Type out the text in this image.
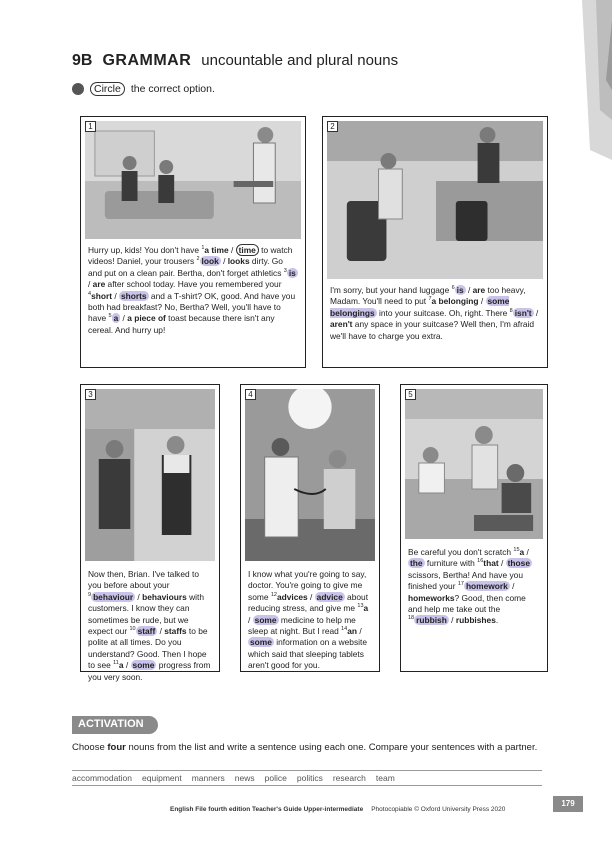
9B GRAMMAR uncountable and plural nouns
Circle the correct option.
1
Hurry up, kids! You don't have $^1$a time / time to watch videos! Daniel, your trousers $^2$ look / looks dirty. Go and put on a clean pair. Bertha, don't forget athletics $^3$ is / are after school today. Have you remembered your $^4$short / shorts and a T-shirt? OK, good. And have you both had breakfast? No, Bertha? Well, you'll have to have $^5$ a / a piece of toast because there isn't any cereal. And hurry up!
2
I'm sorry, but your hand luggage $^6$ is / are too heavy, Madam. You'll need to put $^7$a belonging / some belongings into your suitcase. Oh, right. There $^8$ isn't / aren't any space in your suitcase? Well then, I'm afraid we'll have to charge you extra.
3
Now then, Brian. I've talked to you before about your $^9$ behaviour / behaviours with customers. I know they can sometimes be rude, but we expect our $^{10}$ staff / staffs to be polite at all times. Do you understand? Good. Then I hope to see $^{11}$a / some progress from you very soon.
4
I know what you're going to say, doctor. You're going to give me some $^{12}$advices / advice about reducing stress, and give me $^{13}$a / some medicine to help me sleep at night. But I read $^{14}$an / some information on a website which said that sleeping tablets aren't good for you.
5
Be careful you don't scratch $^{15}$a / the furniture with $^{16}$that / those scissors, Bertha! And have you finished your $^{17}$ homework / homeworks? Good, then come and help me take out the $^{18}$ rubbish / rubbishes.
ACTIVATION
Choose four nouns from the list and write a sentence using each one. Compare your sentences with a partner.
accommodation equipment manners news police politics research team
English File fourth edition Teacher's Guide Upper-intermediate Photocopiable © Oxford University Press 2020
179
